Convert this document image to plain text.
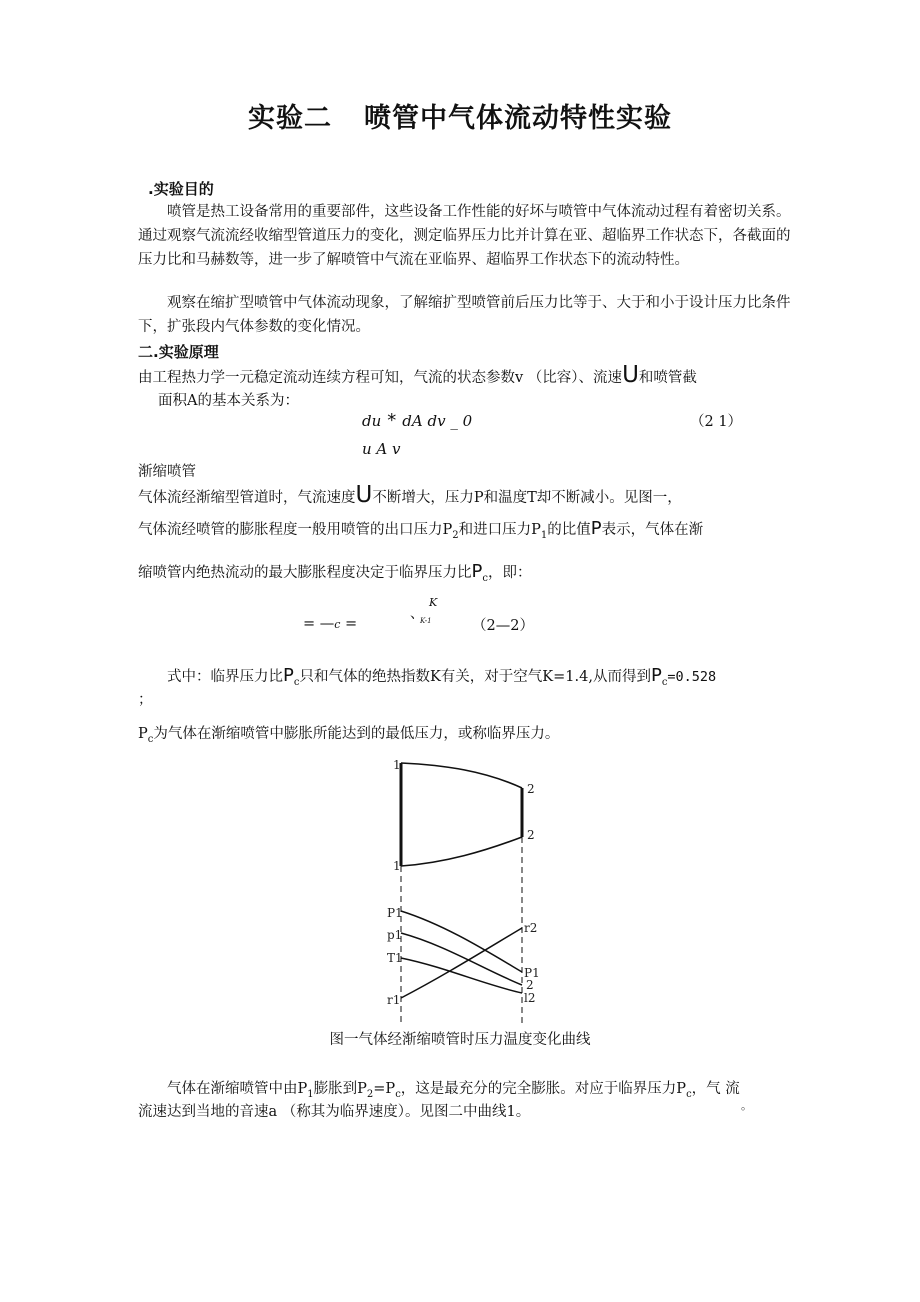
实验二 喷管中气体流动特性实验
.实验目的
喷管是热工设备常用的重要部件，这些设备工作性能的好坏与喷管中气体流动过程有着密切关系。通过观察气流流经收缩型管道压力的变化，测定临界压力比并计算在亚、超临界工作状态下，各截面的压力比和马赫数等，进一步了解喷管中气流在亚临界、超临界工作状态下的流动特性。
观察在缩扩型喷管中气体流动现象，了解缩扩型喷管前后压力比等于、大于和小于设计压力比条件下，扩张段内气体参数的变化情况。
二.实验原理
由工程热力学一元稳定流动连续方程可知，气流的状态参数v （比容）、流速U和喷管截
面积A的基本关系为：
du * dA dv _ 0
u A v
（2 1）
渐缩喷管
气体流经渐缩型管道时，气流速度U不断增大，压力P和温度T却不断减小。见图一，
气体流经喷管的膨胀程度一般用喷管的出口压力$P_2$和进口压力$P_1$的比值P表示，气体在渐
缩喷管内绝热流动的最大膨胀程度决定于临界压力比$P_c$，即：
= —c =
、
K
K-1	（2—2）
式中：临界压力比$P_c$只和气体的绝热指数K有关，对于空气K=1.4,从而得到$P_c=0.528$
；
$P_c$为气体在渐缩喷管中膨胀所能达到的最低压力，或称临界压力。
1
1
2
2
P1
p1
T1
r1
r2
P1
2
l2
图一气体经渐缩喷管时压力温度变化曲线
气体在渐缩喷管中由$P_1$膨胀到$P_2=P_c$，这是最充分的完全膨胀。对应于临界压力$P_c$，气 流
流速达到当地的音速a （称其为临界速度）。见图二中曲线1。	。
